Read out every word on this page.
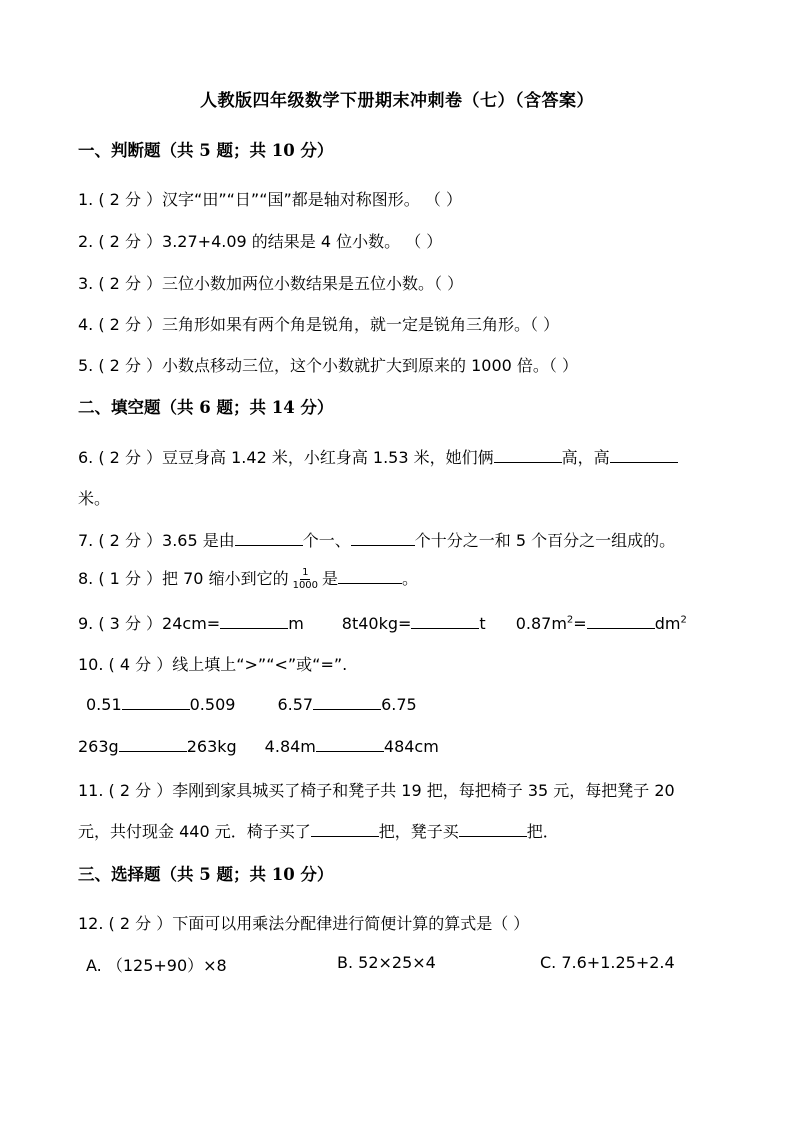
人教版四年级数学下册期末冲刺卷（七）（含答案）
一、判断题（共 5 题；共 10 分）
1. ( 2 分 ）汉字“田”“日”“国”都是轴对称图形。 （ ）
2. ( 2 分 ）3.27+4.09 的结果是 4 位小数。 （ ）
3. ( 2 分 ）三位小数加两位小数结果是五位小数。（ ）
4. ( 2 分 ）三角形如果有两个角是锐角，就一定是锐角三角形。（ ）
5. ( 2 分 ）小数点移动三位，这个小数就扩大到原来的 1000 倍。（ ）
二、填空题（共 6 题；共 14 分）
6. ( 2 分 ）豆豆身高 1.42 米，小红身高 1.53 米，她们俩	高，高
米。
7. ( 2 分 ）3.65 是由	个一、	个十分之一和 5 个百分之一组成的。
8. ( 1 分 ）把 70 缩小到它的 $\frac{1}{1000}$ 是	。
9. ( 3 分 ）24cm=	m 8t40kg=	t $0.87m^2=$	$dm^2$
10. ( 4 分 ）线上填上“>”“<”或“=”.
0.51	0.509	6.57	6.75
263g	263kg 4.84m	484cm
11. ( 2 分 ）李刚到家具城买了椅子和凳子共 19 把，每把椅子 35 元，每把凳子 20
元，共付现金 440 元．椅子买了	把，凳子买	把．
三、选择题（共 5 题；共 10 分）
12. ( 2 分 ）下面可以用乘法分配律进行简便计算的算式是（ ）
A. （125+90）×8	B. 52×25×4	C. 7.6+1.25+2.4
